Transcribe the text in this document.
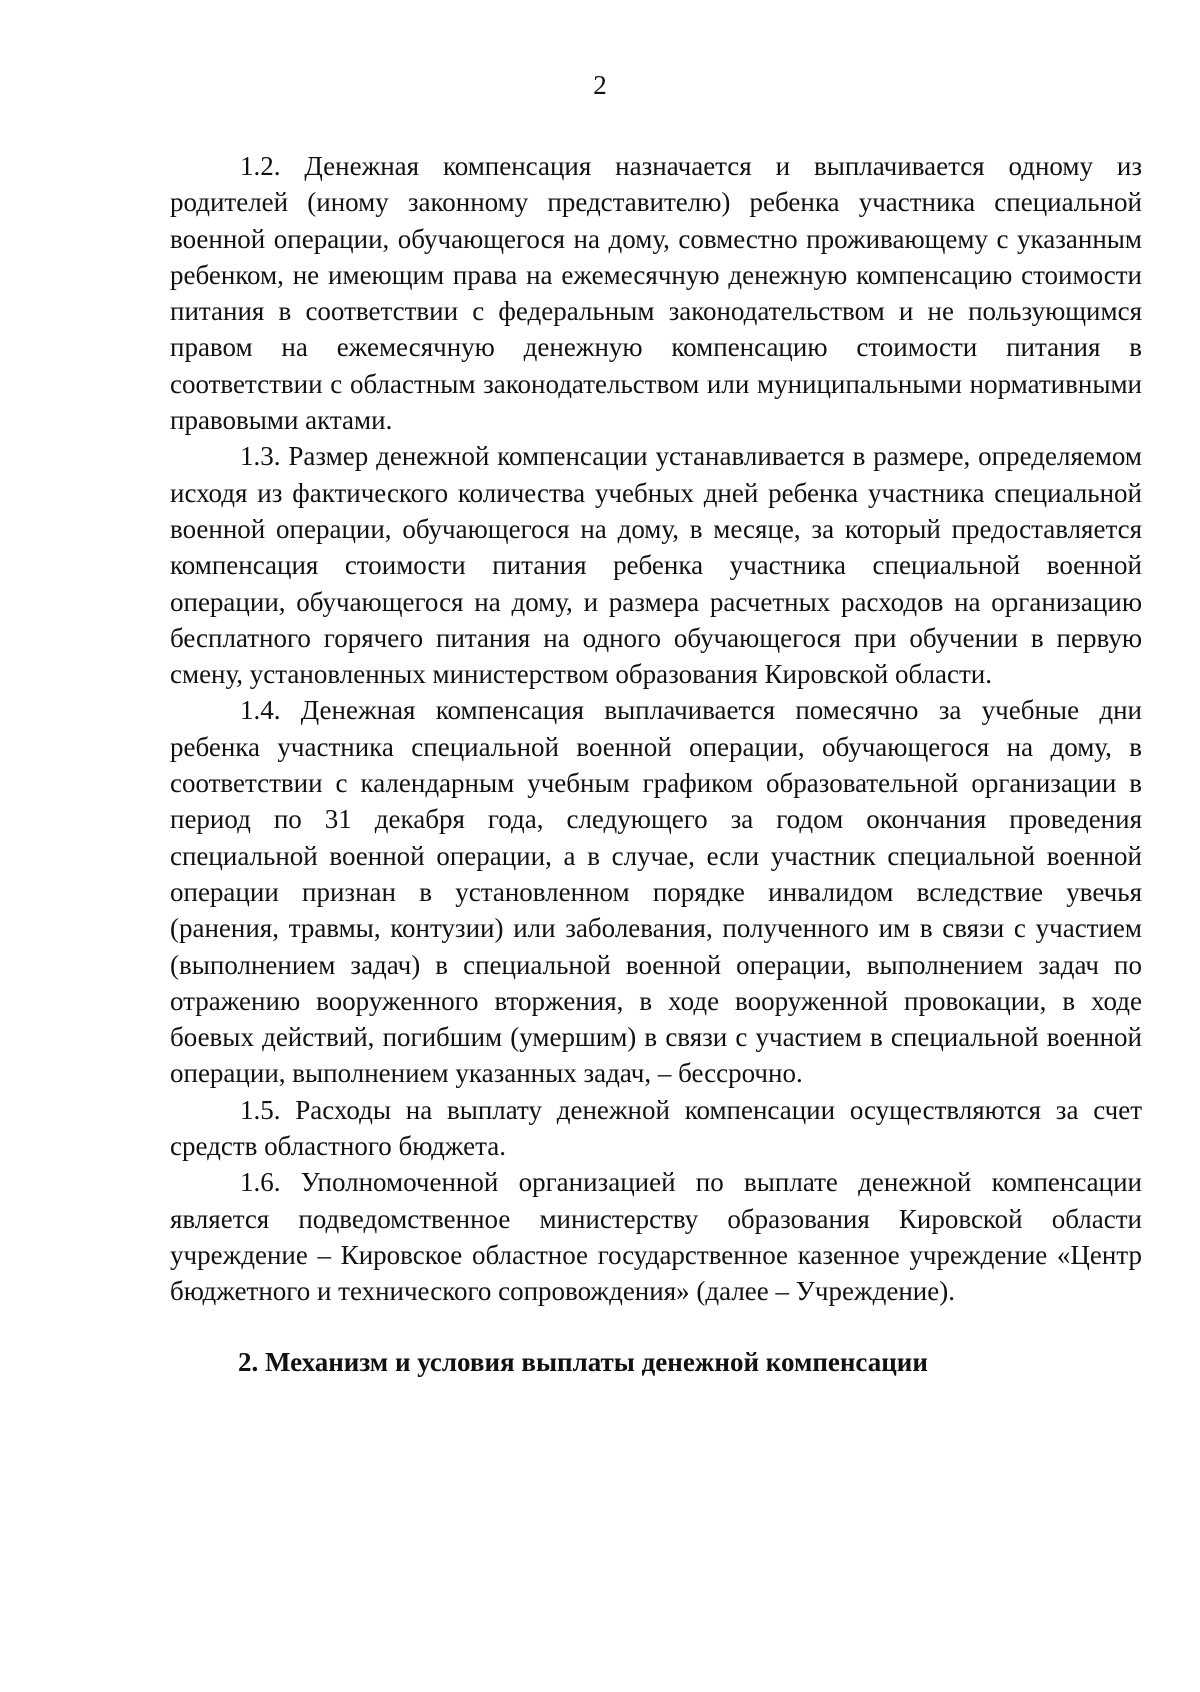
2

1.2. Денежная компенсация назначается и выплачивается одному из родителей (иному законному представителю) ребенка участника специальной военной операции, обучающегося на дому, совместно проживающему с указанным ребенком, не имеющим права на ежемесячную денежную компенсацию стоимости питания в соответствии с федеральным законодательством и не пользующимся правом на ежемесячную денежную компенсацию стоимости питания в соответствии с областным законодательством или муниципальными нормативными правовыми актами.

1.3. Размер денежной компенсации устанавливается в размере, определяемом исходя из фактического количества учебных дней ребенка участника специальной военной операции, обучающегося на дому, в месяце, за который предоставляется компенсация стоимости питания ребенка участника специальной военной операции, обучающегося на дому, и размера расчетных расходов на организацию бесплатного горячего питания на одного обучающегося при обучении в первую смену, установленных министерством образования Кировской области.

1.4. Денежная компенсация выплачивается помесячно за учебные дни ребенка участника специальной военной операции, обучающегося на дому, в соответствии с календарным учебным графиком образовательной организации в период по 31 декабря года, следующего за годом окончания проведения специальной военной операции, а в случае, если участник специальной военной операции признан в установленном порядке инвалидом вследствие увечья (ранения, травмы, контузии) или заболевания, полученного им в связи с участием (выполнением задач) в специальной военной операции, выполнением задач по отражению вооруженного вторжения, в ходе вооруженной провокации, в ходе боевых действий, погибшим (умершим) в связи с участием в специальной военной операции, выполнением указанных задач, – бессрочно.

1.5. Расходы на выплату денежной компенсации осуществляются за счет средств областного бюджета.

1.6. Уполномоченной организацией по выплате денежной компенсации является подведомственное министерству образования Кировской области учреждение – Кировское областное государственное казенное учреждение «Центр бюджетного и технического сопровождения» (далее – Учреждение).

2. Механизм и условия выплаты денежной компенсации
